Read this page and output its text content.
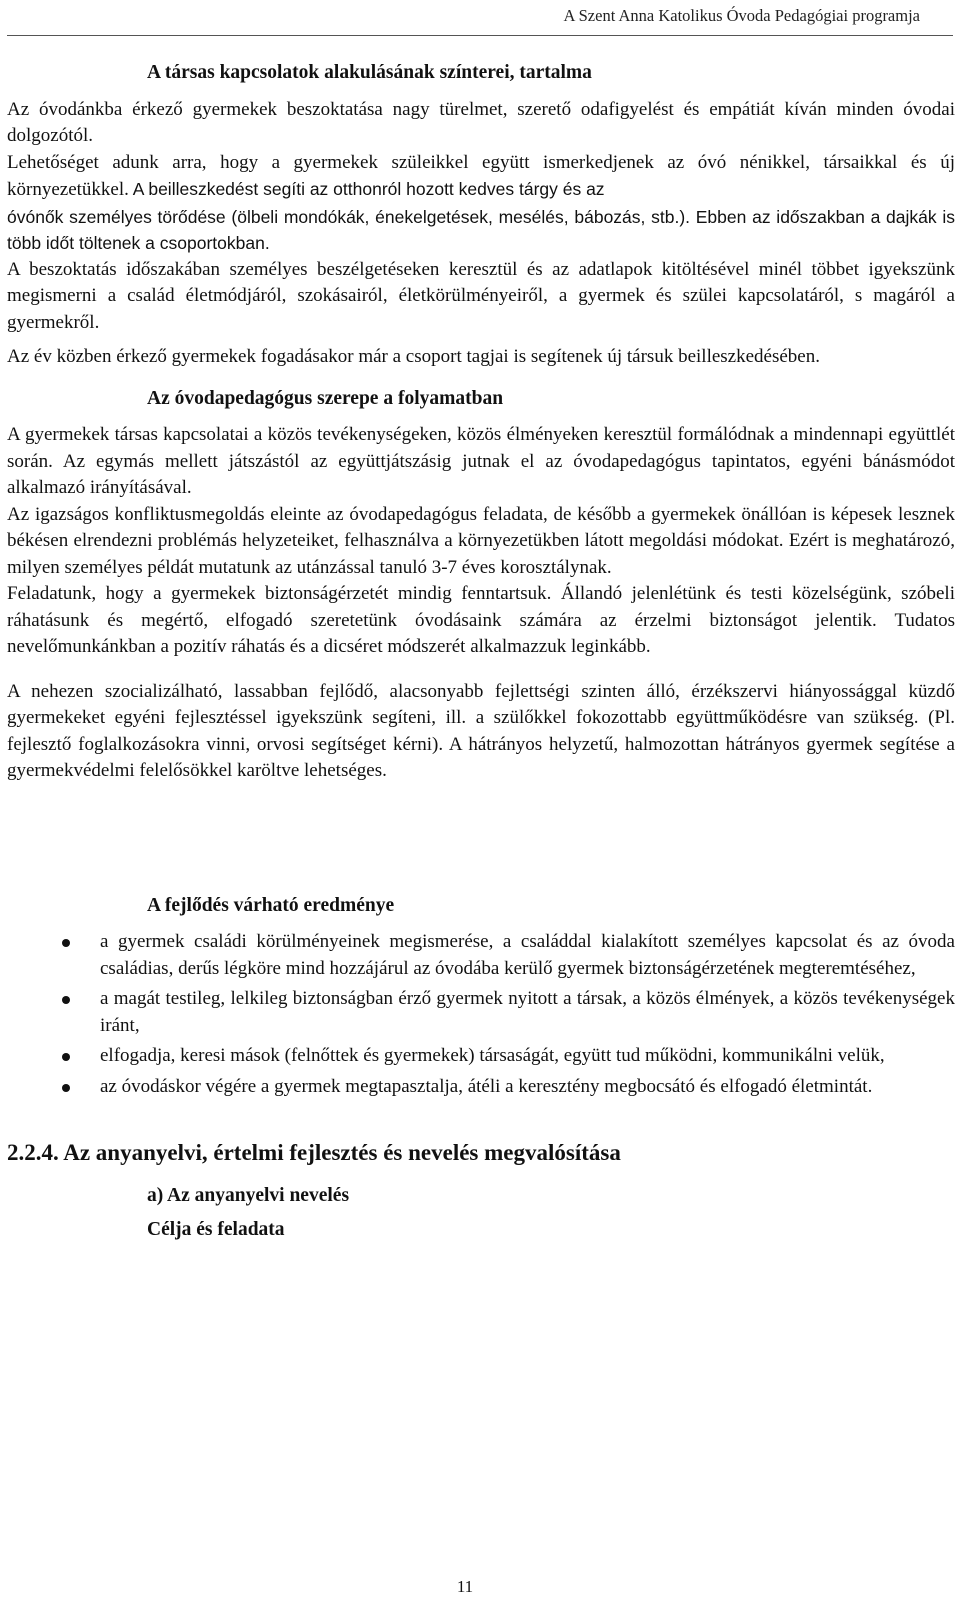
A Szent Anna Katolikus Óvoda Pedagógiai programja

A társas kapcsolatok alakulásának színterei, tartalma

Az óvodánkba érkező gyermekek beszoktatása nagy türelmet, szerető odafigyelést és empátiát kíván minden óvodai dolgozótól.

Lehetőséget adunk arra, hogy a gyermekek szüleikkel együtt ismerkedjenek az óvó nénikkel, társaikkal és új környezetükkel. A beilleszkedést segíti az otthonról hozott kedves tárgy és az

óvónők személyes törődése (ölbeli mondókák, énekelgetések, mesélés, bábozás, stb.). Ebben az időszakban a dajkák is több időt töltenek a csoportokban.

A beszoktatás időszakában személyes beszélgetéseken keresztül és az adatlapok kitöltésével minél többet igyekszünk megismerni a család életmódjáról, szokásairól, életkörülményeiről, a gyermek és szülei kapcsolatáról, s magáról a gyermekről.

Az év közben érkező gyermekek fogadásakor már a csoport tagjai is segítenek új társuk beilleszkedésében.

Az óvodapedagógus szerepe a folyamatban

A gyermekek társas kapcsolatai a közös tevékenységeken, közös élményeken keresztül formálódnak a mindennapi együttlét során. Az egymás mellett játszástól az együttjátszásig jutnak el az óvodapedagógus tapintatos, egyéni bánásmódot alkalmazó irányításával.

Az igazságos konfliktusmegoldás eleinte az óvodapedagógus feladata, de később a gyermekek önállóan is képesek lesznek békésen elrendezni problémás helyzeteiket, felhasználva a környezetükben látott megoldási módokat. Ezért is meghatározó, milyen személyes példát mutatunk az utánzással tanuló 3-7 éves korosztálynak.

Feladatunk, hogy a gyermekek biztonságérzetét mindig fenntartsuk. Állandó jelenlétünk és testi közelségünk, szóbeli ráhatásunk és megértő, elfogadó szeretetünk óvodásaink számára az érzelmi biztonságot jelentik. Tudatos nevelőmunkánkban a pozitív ráhatás és a dicséret módszerét alkalmazzuk leginkább.

A nehezen szocializálható, lassabban fejlődő, alacsonyabb fejlettségi szinten álló, érzékszervi hiányossággal küzdő gyermekeket egyéni fejlesztéssel igyekszünk segíteni, ill. a szülőkkel fokozottabb együttműködésre van szükség. (Pl. fejlesztő foglalkozásokra vinni, orvosi segítséget kérni). A hátrányos helyzetű, halmozottan hátrányos gyermek segítése a gyermekvédelmi felelősökkel karöltve lehetséges.

A fejlődés várható eredménye

a gyermek családi körülményeinek megismerése, a családdal kialakított személyes kapcsolat és az óvoda családias, derűs légköre mind hozzájárul az óvodába kerülő gyermek biztonságérzetének megteremtéséhez,
a magát testileg, lelkileg biztonságban érző gyermek nyitott a társak, a közös élmények, a közös tevékenységek iránt,
elfogadja, keresi mások (felnőttek és gyermekek) társaságát, együtt tud működni, kommunikálni velük,
az óvodáskor végére a gyermek megtapasztalja, átéli a keresztény megbocsátó és elfogadó életmintát.

2.2.4. Az anyanyelvi, értelmi fejlesztés és nevelés megvalósítása

a) Az anyanyelvi nevelés

Célja és feladata

11
